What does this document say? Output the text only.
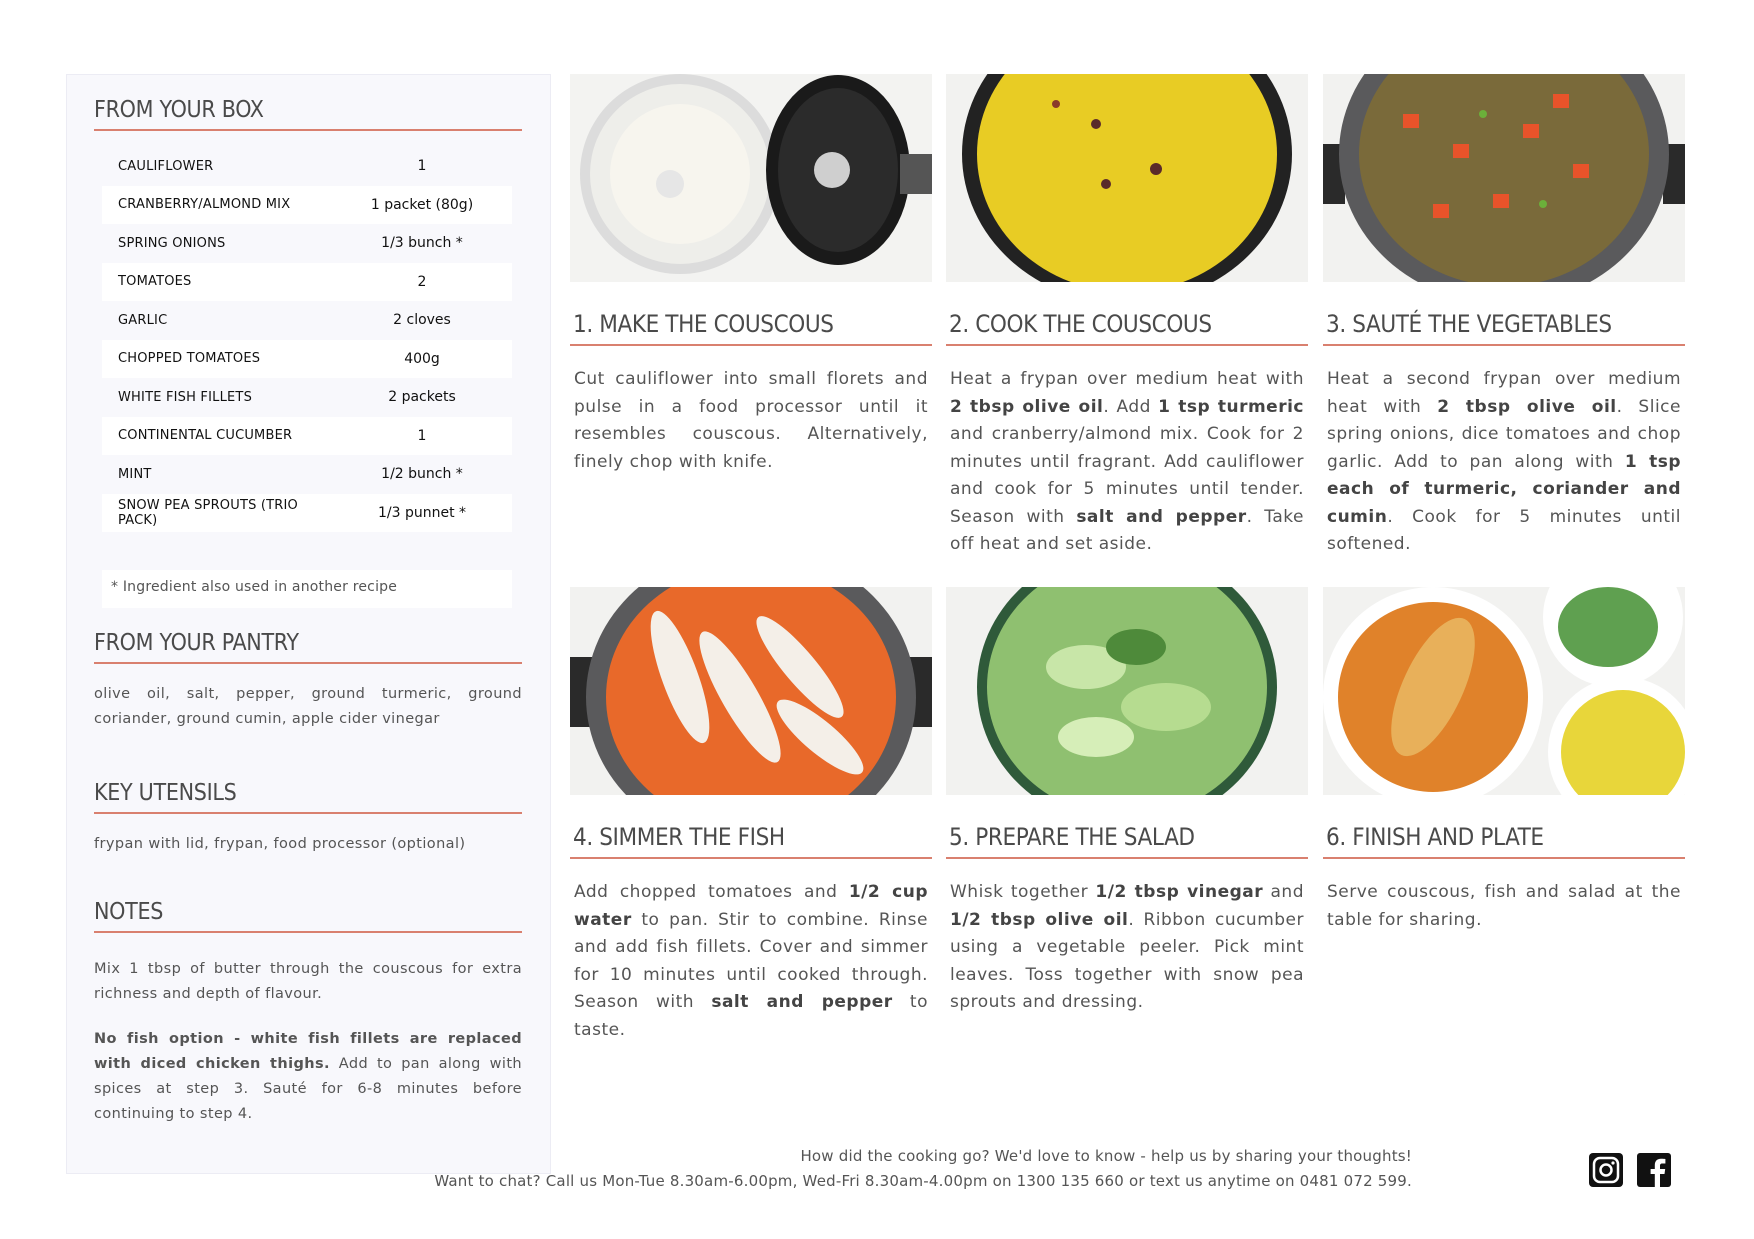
FROM YOUR BOX
CAULIFLOWER	1
CRANBERRY/ALMOND MIX	1 packet (80g)
SPRING ONIONS	1/3 bunch *
TOMATOES	2
GARLIC	2 cloves
CHOPPED TOMATOES	400g
WHITE FISH FILLETS	2 packets
CONTINENTAL CUCUMBER	1
MINT	1/2 bunch *
SNOW PEA SPROUTS (TRIO PACK)	1/3 punnet *
* Ingredient also used in another recipe
FROM YOUR PANTRY

olive oil, salt, pepper, ground turmeric, ground coriander, ground cumin, apple cider vinegar

KEY UTENSILS

frypan with lid, frypan, food processor (optional)

NOTES

Mix 1 tbsp of butter through the couscous for extra richness and depth of flavour.

No fish option - white fish fillets are replaced with diced chicken thighs. Add to pan along with spices at step 3. Sauté for 6-8 minutes before continuing to step 4.

1. MAKE THE COUSCOUS
Cut cauliflower into small florets and pulse in a food processor until it resembles couscous. Alternatively, finely chop with knife.
2. COOK THE COUSCOUS
Heat a frypan over medium heat with 2 tbsp olive oil. Add 1 tsp turmeric and cranberry/almond mix. Cook for 2 minutes until fragrant. Add cauliflower and cook for 5 minutes until tender. Season with salt and pepper. Take off heat and set aside.
3. SAUTÉ THE VEGETABLES
Heat a second frypan over medium heat with 2 tbsp olive oil. Slice spring onions, dice tomatoes and chop garlic. Add to pan along with 1 tsp each of turmeric, coriander and cumin. Cook for 5 minutes until softened.
4. SIMMER THE FISH
Add chopped tomatoes and 1/2 cup water to pan. Stir to combine. Rinse and add fish fillets. Cover and simmer for 10 minutes until cooked through. Season with salt and pepper to taste.
5. PREPARE THE SALAD
Whisk together 1/2 tbsp vinegar and 1/2 tbsp olive oil. Ribbon cucumber using a vegetable peeler. Pick mint leaves. Toss together with snow pea sprouts and dressing.
6. FINISH AND PLATE
Serve couscous, fish and salad at the table for sharing.
How did the cooking go? We'd love to know - help us by sharing your thoughts!
Want to chat? Call us Mon-Tue 8.30am-6.00pm, Wed-Fri 8.30am-4.00pm on 1300 135 660 or text us anytime on 0481 072 599.
